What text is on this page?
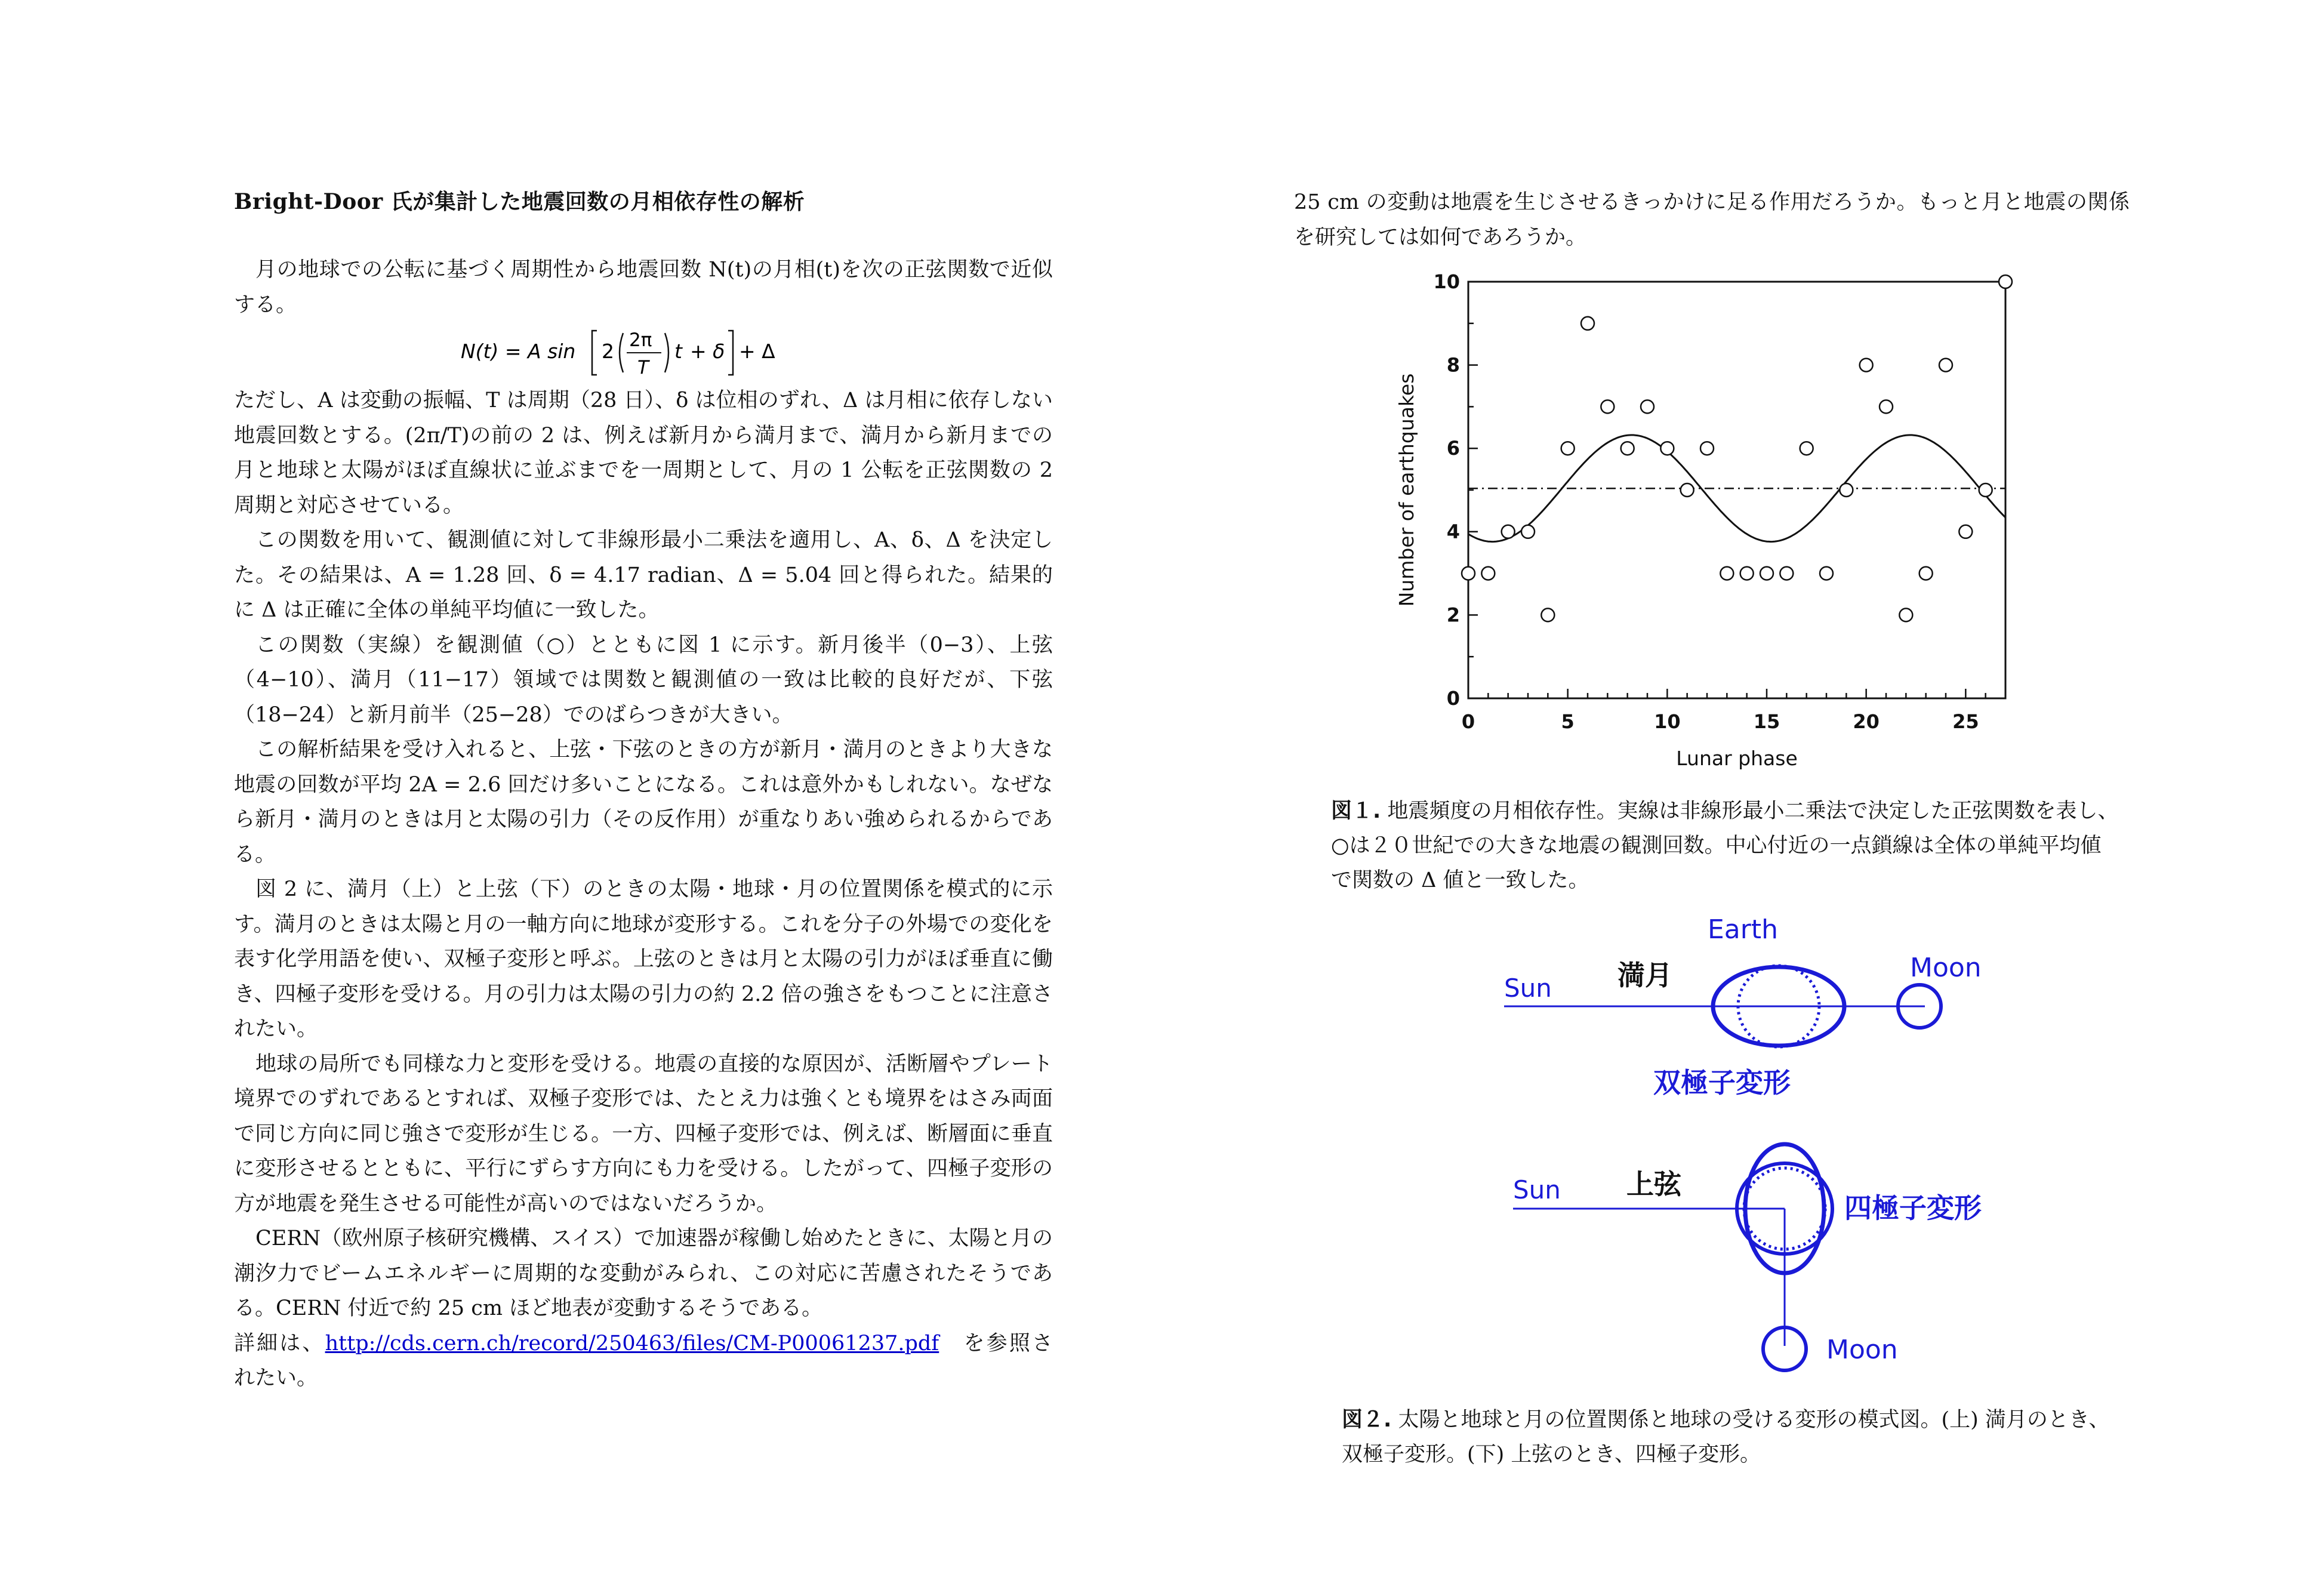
Bright-Door 氏が集計した地震回数の月相依存性の解析

月の地球での公転に基づく周期性から地震回数 N(t)の月相(t)を次の正弦関数で近似する。

N(t) = A sin 2 2π
T
t + δ + Δ

ただし、A は変動の振幅、T は周期（28 日）、δ は位相のずれ、Δ は月相に依存しない地震回数とする。(2π/T)の前の 2 は、例えば新月から満月まで、満月から新月までの月と地球と太陽がほぼ直線状に並ぶまでを一周期として、月の 1 公転を正弦関数の 2 周期と対応させている。

この関数を用いて、観測値に対して非線形最小二乗法を適用し、A、δ、Δ を決定した。その結果は、A = 1.28 回、δ = 4.17 radian、Δ = 5.04 回と得られた。結果的に Δ は正確に全体の単純平均値に一致した。

この関数（実線）を観測値（○）とともに図 1 に示す。新月後半（0−3）、上弦（4−10）、満月（11−17）領域では関数と観測値の一致は比較的良好だが、下弦（18−24）と新月前半（25−28）でのばらつきが大きい。

この解析結果を受け入れると、上弦・下弦のときの方が新月・満月のときより大きな地震の回数が平均 2A = 2.6 回だけ多いことになる。これは意外かもしれない。なぜなら新月・満月のときは月と太陽の引力（その反作用）が重なりあい強められるからである。

図 2 に、満月（上）と上弦（下）のときの太陽・地球・月の位置関係を模式的に示す。満月のときは太陽と月の一軸方向に地球が変形する。これを分子の外場での変化を表す化学用語を使い、双極子変形と呼ぶ。上弦のときは月と太陽の引力がほぼ垂直に働き、四極子変形を受ける。月の引力は太陽の引力の約 2.2 倍の強さをもつことに注意されたい。

地球の局所でも同様な力と変形を受ける。地震の直接的な原因が、活断層やプレート境界でのずれであるとすれば、双極子変形では、たとえ力は強くとも境界をはさみ両面で同じ方向に同じ強さで変形が生じる。一方、四極子変形では、例えば、断層面に垂直に変形させるとともに、平行にずらす方向にも力を受ける。したがって、四極子変形の方が地震を発生させる可能性が高いのではないだろうか。

CERN（欧州原子核研究機構、スイス）で加速器が稼働し始めたときに、太陽と月の潮汐力でビームエネルギーに周期的な変動がみられ、この対応に苦慮されたそうである。CERN 付近で約 25 cm ほど地表が変動するそうである。

詳細は、http://cds.cern.ch/record/250463/files/CM-P00061237.pdf　を参照されたい。

25 cm の変動は地震を生じさせるきっかけに足る作用だろうか。もっと月と地震の関係を研究しては如何であろうか。

0	5	10	15	20	25
0
2
4
6
8
10
Lunar phase
Number of earthquakes

図１. 地震頻度の月相依存性。実線は非線形最小二乗法で決定した正弦関数を表し、○は２０世紀での大きな地震の観測回数。中心付近の一点鎖線は全体の単純平均値で関数の Δ 値と一致した。

Earth
Sun 満月	Moon
双極子変形
Sun 上弦
四極子変形
Moon

図２. 太陽と地球と月の位置関係と地球の受ける変形の模式図。(上) 満月のとき、双極子変形。(下) 上弦のとき、四極子変形。
